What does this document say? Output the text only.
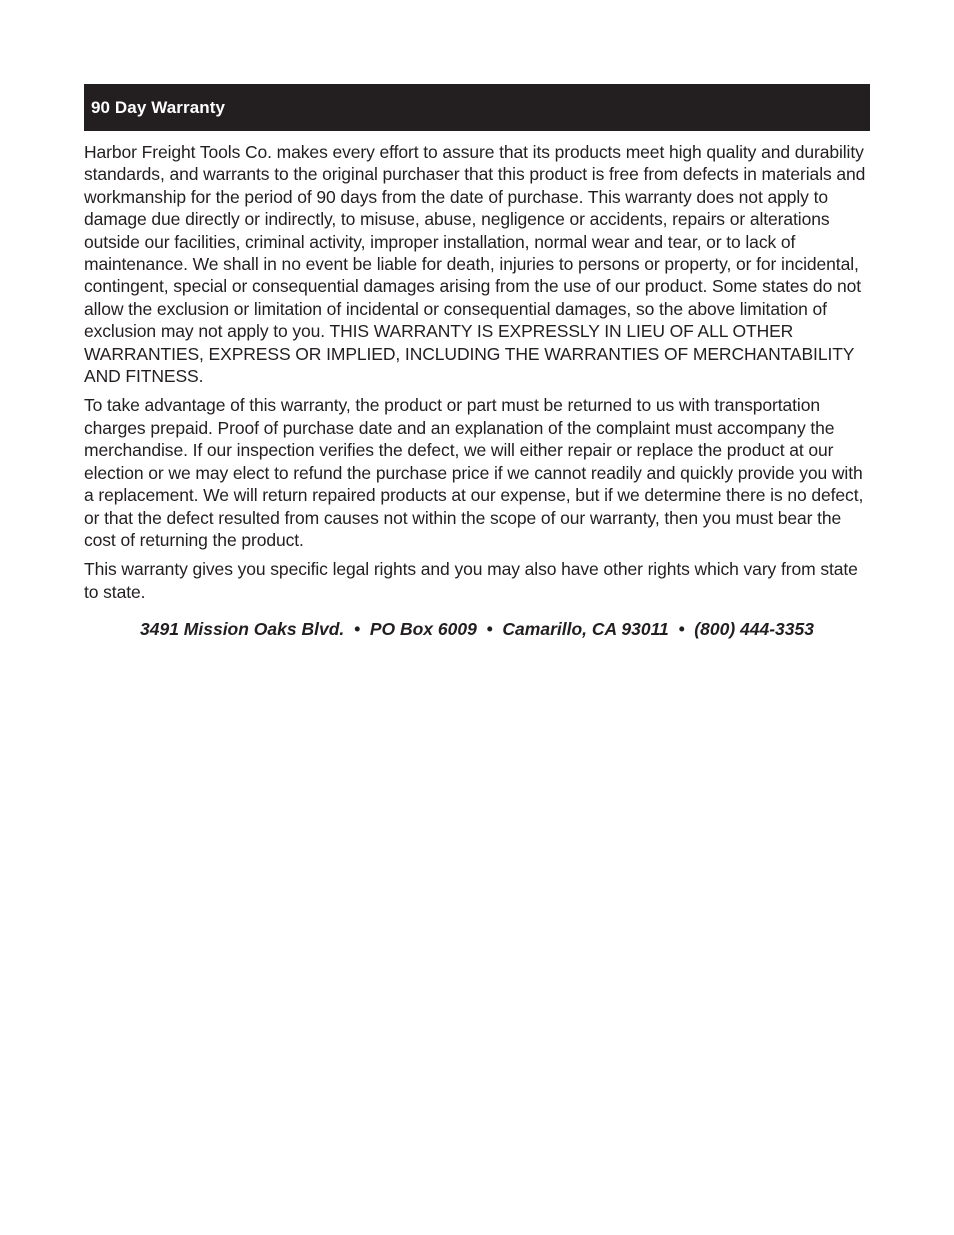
90 Day Warranty

Harbor Freight Tools Co. makes every effort to assure that its products meet high quality and durability standards, and warrants to the original purchaser that this product is free from defects in materials and workmanship for the period of 90 days from the date of purchase. This warranty does not apply to damage due directly or indirectly, to misuse, abuse, negligence or accidents, repairs or alterations outside our facilities, criminal activity, improper installation, normal wear and tear, or to lack of maintenance. We shall in no event be liable for death, injuries to persons or property, or for incidental, contingent, special or consequential damages arising from the use of our product. Some states do not allow the exclusion or limitation of incidental or consequential damages, so the above limitation of exclusion may not apply to you. THIS WARRANTY IS EXPRESSLY IN LIEU OF ALL OTHER WARRANTIES, EXPRESS OR IMPLIED, INCLUDING THE WARRANTIES OF MERCHANTABILITY AND FITNESS.

To take advantage of this warranty, the product or part must be returned to us with transportation charges prepaid. Proof of purchase date and an explanation of the complaint must accompany the merchandise. If our inspection verifies the defect, we will either repair or replace the product at our election or we may elect to refund the purchase price if we cannot readily and quickly provide you with a replacement. We will return repaired products at our expense, but if we determine there is no defect, or that the defect resulted from causes not within the scope of our warranty, then you must bear the cost of returning the product.

This warranty gives you specific legal rights and you may also have other rights which vary from state to state.

3491 Mission Oaks Blvd.  •  PO Box 6009  •  Camarillo, CA 93011  •  (800) 444-3353
